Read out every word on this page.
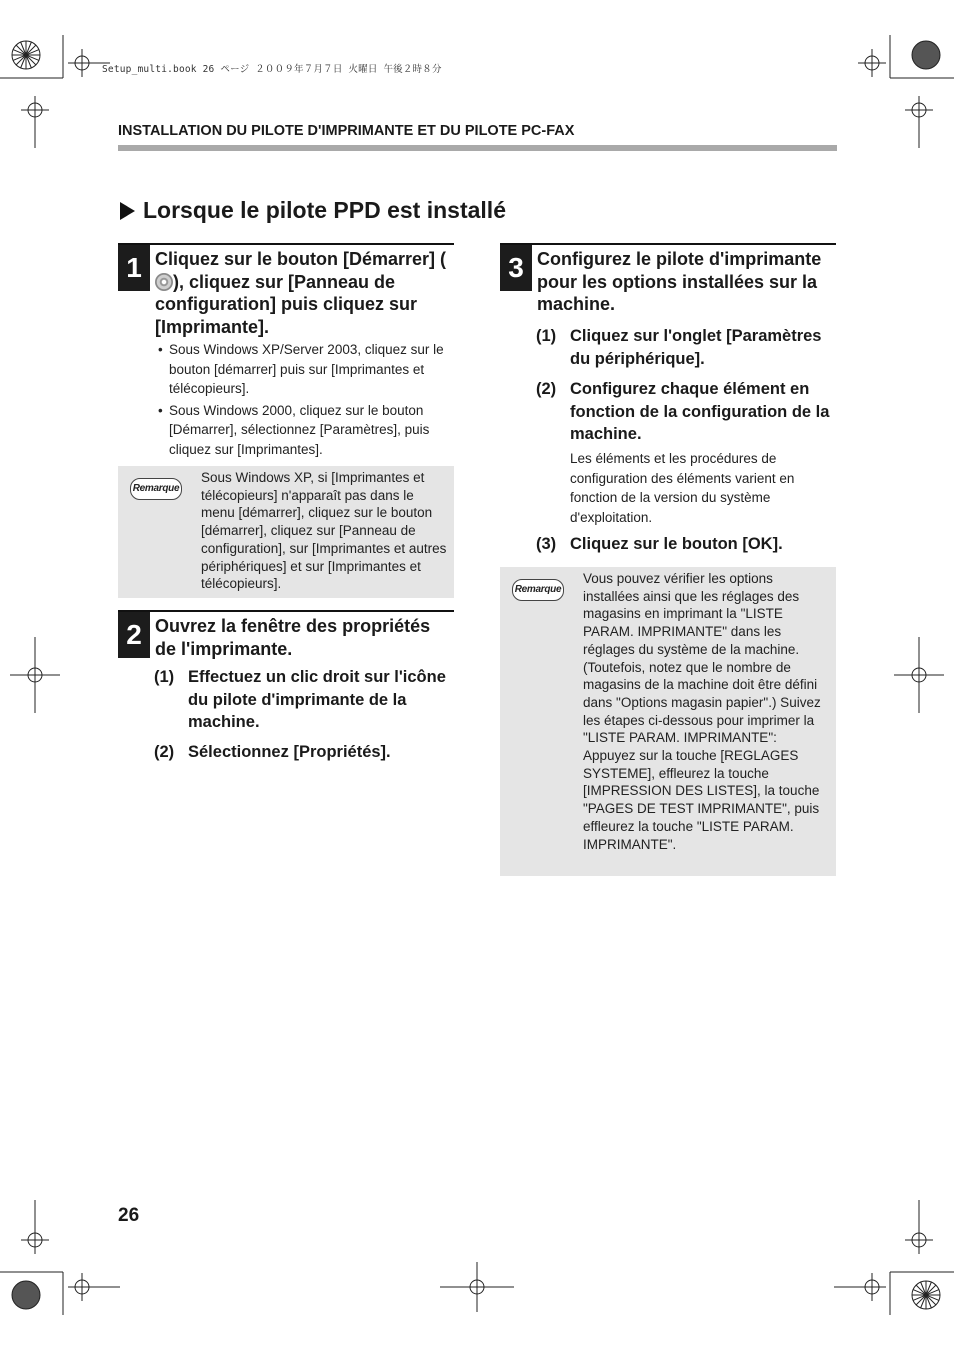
Setup_multi.book 26 ページ ２００９年７月７日 火曜日 午後２時８分
INSTALLATION DU PILOTE D'IMPRIMANTE ET DU PILOTE PC-FAX
Lorsque le pilote PPD est installé
1 Cliquez sur le bouton [Démarrer] (), cliquez sur [Panneau de configuration] puis cliquez sur [Imprimante].
• Sous Windows XP/Server 2003, cliquez sur le bouton [démarrer] puis sur [Imprimantes et télécopieurs].
• Sous Windows 2000, cliquez sur le bouton [Démarrer], sélectionnez [Paramètres], puis cliquez sur [Imprimantes].
Remarque
Sous Windows XP, si [Imprimantes et télécopieurs] n'apparaît pas dans le menu [démarrer], cliquez sur le bouton [démarrer], cliquez sur [Panneau de configuration], sur [Imprimantes et autres périphériques] et sur [Imprimantes et télécopieurs].
2 Ouvrez la fenêtre des propriétés de l'imprimante.
(1) Effectuez un clic droit sur l'icône du pilote d'imprimante de la machine.
(2) Sélectionnez [Propriétés].
3 Configurez le pilote d'imprimante pour les options installées sur la machine.
(1) Cliquez sur l'onglet [Paramètres du périphérique].
(2) Configurez chaque élément en fonction de la configuration de la machine.
Les éléments et les procédures de configuration des éléments varient en fonction de la version du système d'exploitation.
(3) Cliquez sur le bouton [OK].
Remarque
Vous pouvez vérifier les options installées ainsi que les réglages des magasins en imprimant la "LISTE PARAM. IMPRIMANTE" dans les réglages du système de la machine. (Toutefois, notez que le nombre de magasins de la machine doit être défini dans "Options magasin papier".) Suivez les étapes ci-dessous pour imprimer la "LISTE PARAM. IMPRIMANTE": Appuyez sur la touche [REGLAGES SYSTEME], effleurez la touche [IMPRESSION DES LISTES], la touche "PAGES DE TEST IMPRIMANTE", puis effleurez la touche "LISTE PARAM. IMPRIMANTE".
26
